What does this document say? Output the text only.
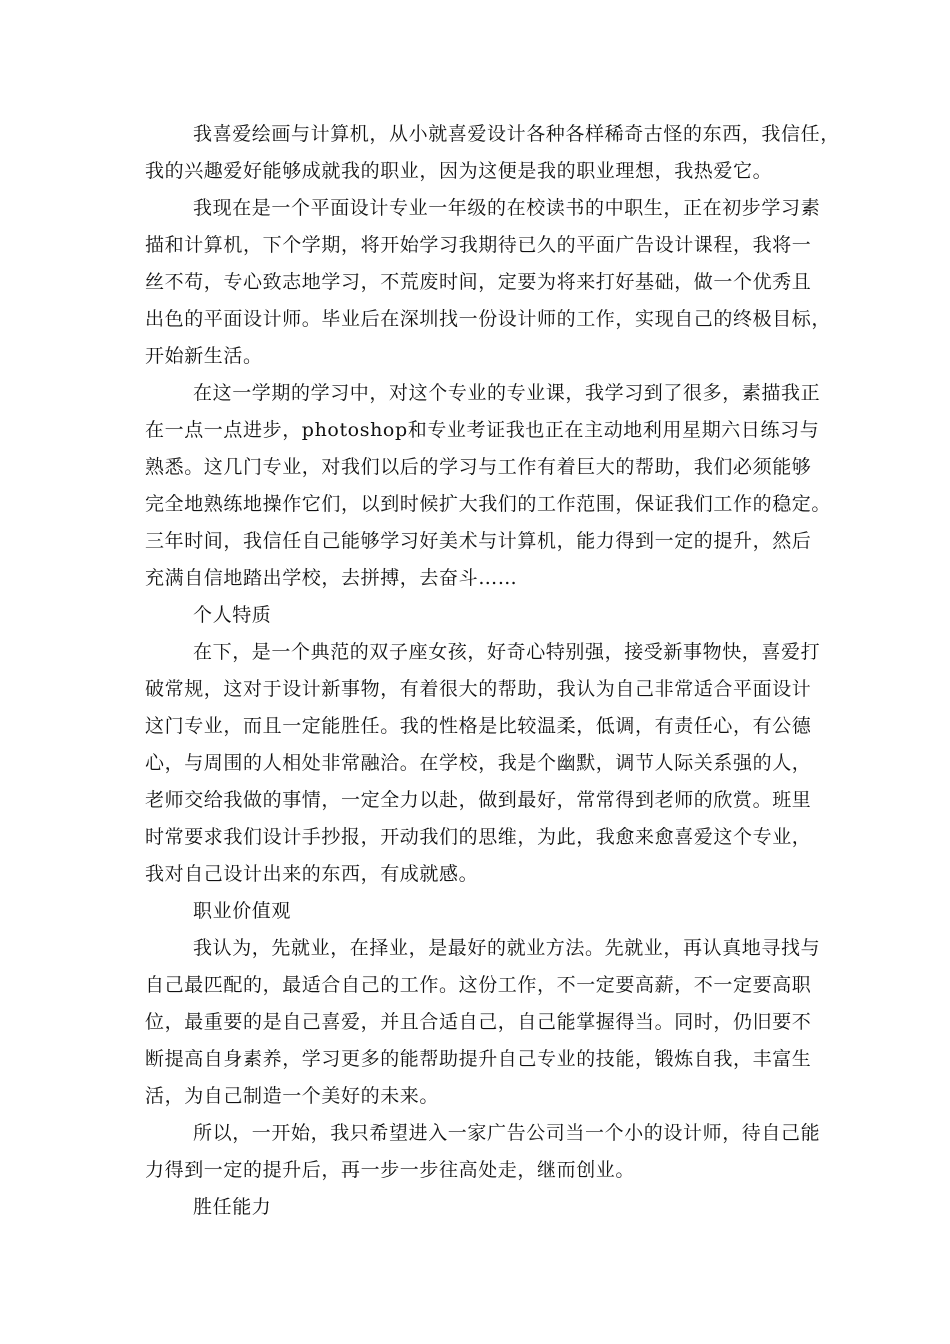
我喜爱绘画与计算机，从小就喜爱设计各种各样稀奇古怪的东西，我信任，
我的兴趣爱好能够成就我的职业，因为这便是我的职业理想，我热爱它。
我现在是一个平面设计专业一年级的在校读书的中职生，正在初步学习素
描和计算机，下个学期，将开始学习我期待已久的平面广告设计课程，我将一
丝不苟，专心致志地学习，不荒废时间，定要为将来打好基础，做一个优秀且
出色的平面设计师。毕业后在深圳找一份设计师的工作，实现自己的终极目标，
开始新生活。
在这一学期的学习中，对这个专业的专业课，我学习到了很多，素描我正
在一点一点进步，photoshop和专业考证我也正在主动地利用星期六日练习与
熟悉。这几门专业，对我们以后的学习与工作有着巨大的帮助，我们必须能够
完全地熟练地操作它们，以到时候扩大我们的工作范围，保证我们工作的稳定。
三年时间，我信任自己能够学习好美术与计算机，能力得到一定的提升，然后
充满自信地踏出学校，去拼搏，去奋斗……
个人特质
在下，是一个典范的双子座女孩，好奇心特别强，接受新事物快，喜爱打
破常规，这对于设计新事物，有着很大的帮助，我认为自己非常适合平面设计
这门专业，而且一定能胜任。我的性格是比较温柔，低调，有责任心，有公德
心，与周围的人相处非常融洽。在学校，我是个幽默，调节人际关系强的人，
老师交给我做的事情，一定全力以赴，做到最好，常常得到老师的欣赏。班里
时常要求我们设计手抄报，开动我们的思维，为此，我愈来愈喜爱这个专业，
我对自己设计出来的东西，有成就感。
职业价值观
我认为，先就业，在择业，是最好的就业方法。先就业，再认真地寻找与
自己最匹配的，最适合自己的工作。这份工作，不一定要高薪，不一定要高职
位，最重要的是自己喜爱，并且合适自己，自己能掌握得当。同时，仍旧要不
断提高自身素养，学习更多的能帮助提升自己专业的技能，锻炼自我，丰富生
活，为自己制造一个美好的未来。
所以，一开始，我只希望进入一家广告公司当一个小的设计师，待自己能
力得到一定的提升后，再一步一步往高处走，继而创业。
胜任能力
